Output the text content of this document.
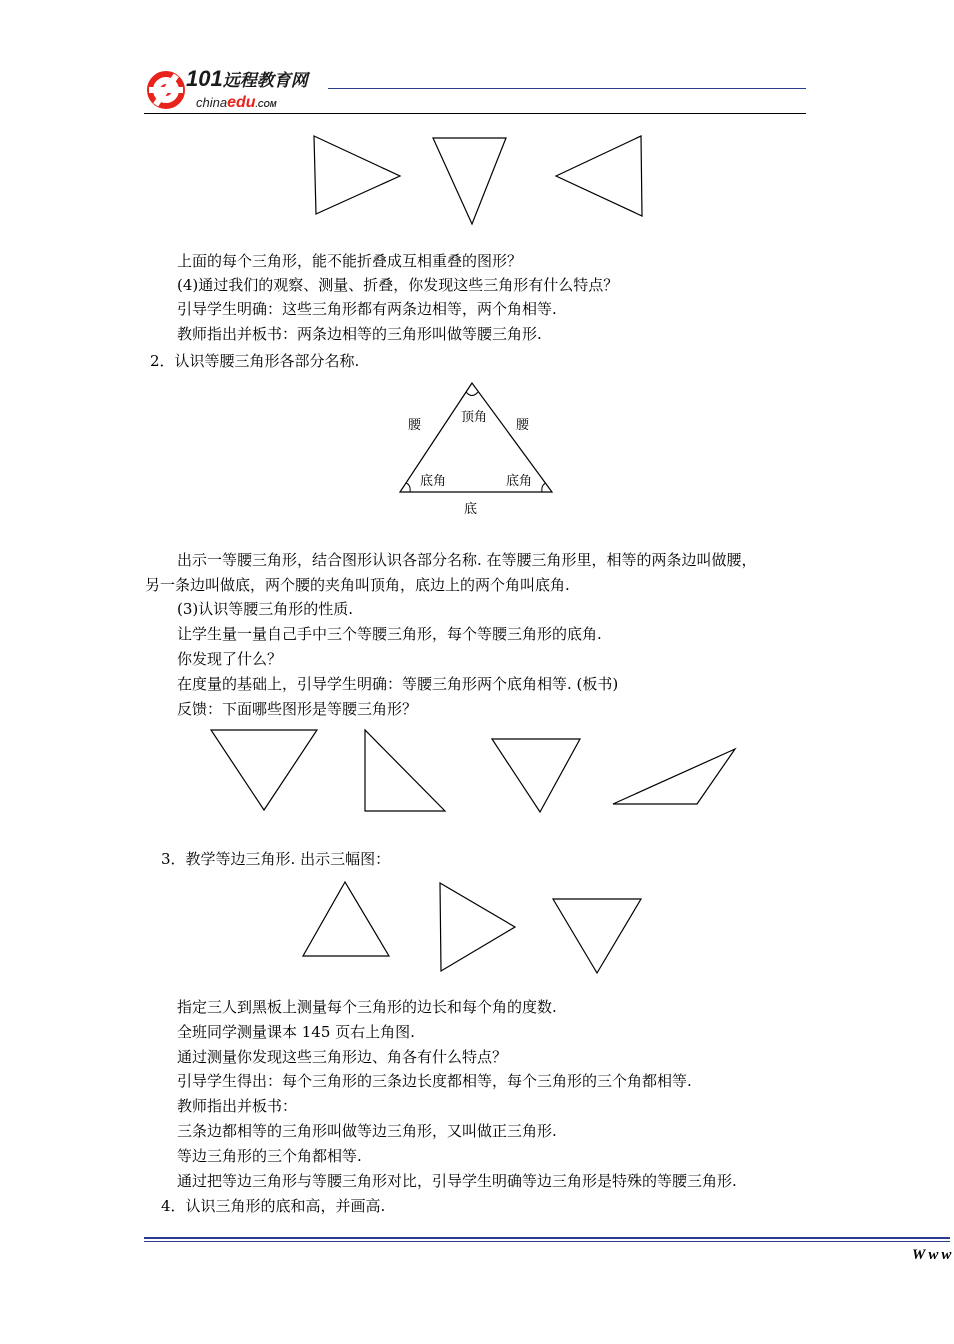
101远程教育网
chinaedu.COM
上面的每个三角形，能不能折叠成互相重叠的图形？
(4)通过我们的观察、测量、折叠，你发现这些三角形有什么特点？
引导学生明确：这些三角形都有两条边相等，两个角相等.
教师指出并板书：两条边相等的三角形叫做等腰三角形.
2．认识等腰三角形各部分名称.
腰
顶角
腰
底角	底角
底
出示一等腰三角形，结合图形认识各部分名称. 在等腰三角形里，相等的两条边叫做腰，
另一条边叫做底，两个腰的夹角叫顶角，底边上的两个角叫底角.
(3)认识等腰三角形的性质.
让学生量一量自己手中三个等腰三角形，每个等腰三角形的底角.
你发现了什么？
在度量的基础上，引导学生明确：等腰三角形两个底角相等. (板书)
反馈：下面哪些图形是等腰三角形？
3．教学等边三角形. 出示三幅图：
指定三人到黑板上测量每个三角形的边长和每个角的度数.
全班同学测量课本 145 页右上角图.
通过测量你发现这些三角形边、角各有什么特点？
引导学生得出：每个三角形的三条边长度都相等，每个三角形的三个角都相等.
教师指出并板书：
三条边都相等的三角形叫做等边三角形，又叫做正三角形.
等边三角形的三个角都相等.
通过把等边三角形与等腰三角形对比，引导学生明确等边三角形是特殊的等腰三角形.
4．认识三角形的底和高，并画高.
Www
